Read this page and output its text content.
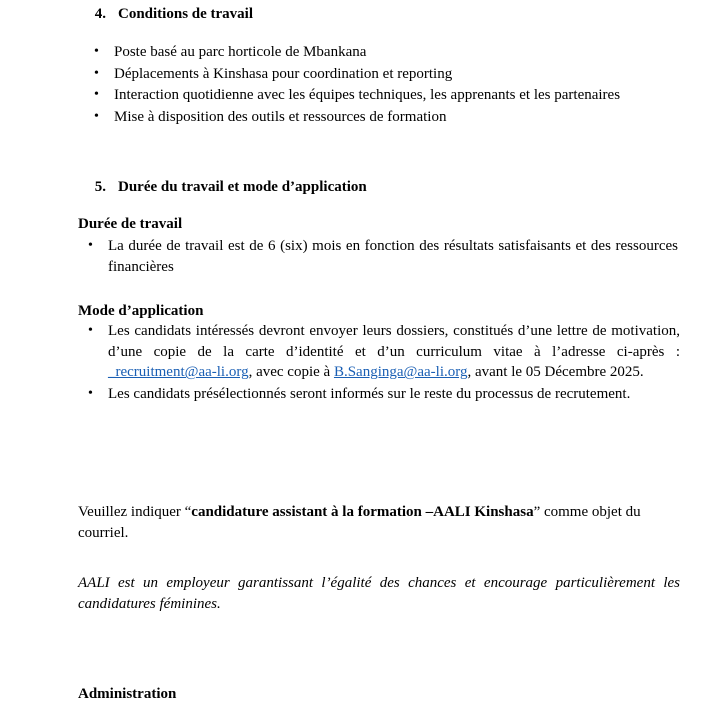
4. Conditions de travail
• Poste basé au parc horticole de Mbankana
• Déplacements à Kinshasa pour coordination et reporting
• Interaction quotidienne avec les équipes techniques, les apprenants et les partenaires
• Mise à disposition des outils et ressources de formation
5. Durée du travail et mode d’application
Durée de travail
• La durée de travail est de 6 (six) mois en fonction des résultats satisfaisants et des ressources financières
Mode d’application
• Les candidats intéressés devront envoyer leurs dossiers, constitués d’une lettre de motivation, d’une copie de la carte d’identité et d’un curriculum vitae à l’adresse ci-après : _recruitment@aa-li.org, avec copie à B.Sanginga@aa-li.org, avant le 05 Décembre 2025.
• Les candidats présélectionnés seront informés sur le reste du processus de recrutement.
Veuillez indiquer “candidature assistant à la formation –AALI Kinshasa” comme objet du courriel.
AALI est un employeur garantissant l’égalité des chances et encourage particulièrement les candidatures féminines.
Administration
